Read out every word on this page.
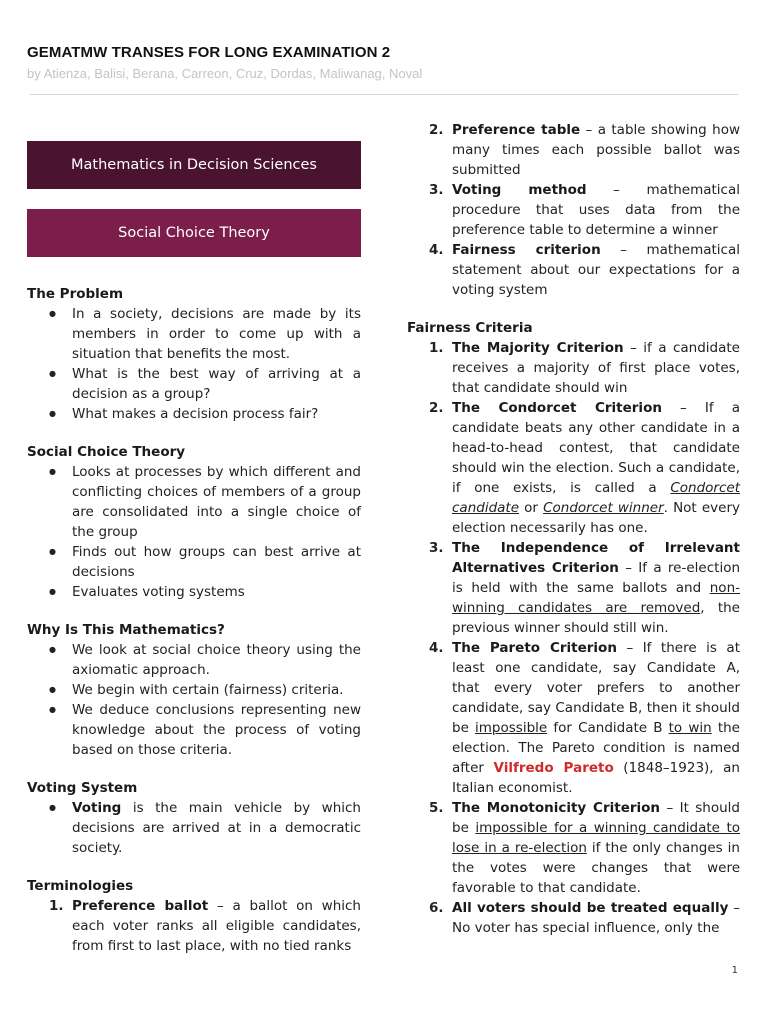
GEMATMW TRANSES FOR LONG EXAMINATION 2
by Atienza, Balisi, Berana, Carreon, Cruz, Dordas, Maliwanag, Noval
Mathematics in Decision Sciences
Social Choice Theory

The Problem

● In a society, decisions are made by its members in order to come up with a situation that benefits the most.
● What is the best way of arriving at a decision as a group?
● What makes a decision process fair?

Social Choice Theory

● Looks at processes by which different and conflicting choices of members of a group are consolidated into a single choice of the group
● Finds out how groups can best arrive at decisions
● Evaluates voting systems

Why Is This Mathematics?

● We look at social choice theory using the axiomatic approach.
● We begin with certain (fairness) criteria.
● We deduce conclusions representing new knowledge about the process of voting based on those criteria.

Voting System

● Voting is the main vehicle by which decisions are arrived at in a democratic society.

Terminologies

1. Preference ballot – a ballot on which each voter ranks all eligible candidates, from first to last place, with no tied ranks
2. Preference table – a table showing how many times each possible ballot was submitted
3. Voting method – mathematical procedure that uses data from the preference table to determine a winner
4. Fairness criterion – mathematical statement about our expectations for a voting system

Fairness Criteria

1. The Majority Criterion – if a candidate receives a majority of first place votes, that candidate should win
2. The Condorcet Criterion – If a candidate beats any other candidate in a head-to-head contest, that candidate should win the election. Such a candidate, if one exists, is called a Condorcet candidate or Condorcet winner. Not every election necessarily has one.
3. The Independence of Irrelevant Alternatives Criterion – If a re-election is held with the same ballots and non-winning candidates are removed, the previous winner should still win.
4. The Pareto Criterion – If there is at least one candidate, say Candidate A, that every voter prefers to another candidate, say Candidate B, then it should be impossible for Candidate B to win the election. The Pareto condition is named after Vilfredo Pareto (1848–1923), an Italian economist.
5. The Monotonicity Criterion – It should be impossible for a winning candidate to lose in a re-election if the only changes in the votes were changes that were favorable to that candidate.
6. All voters should be treated equally – No voter has special influence, only the
1
